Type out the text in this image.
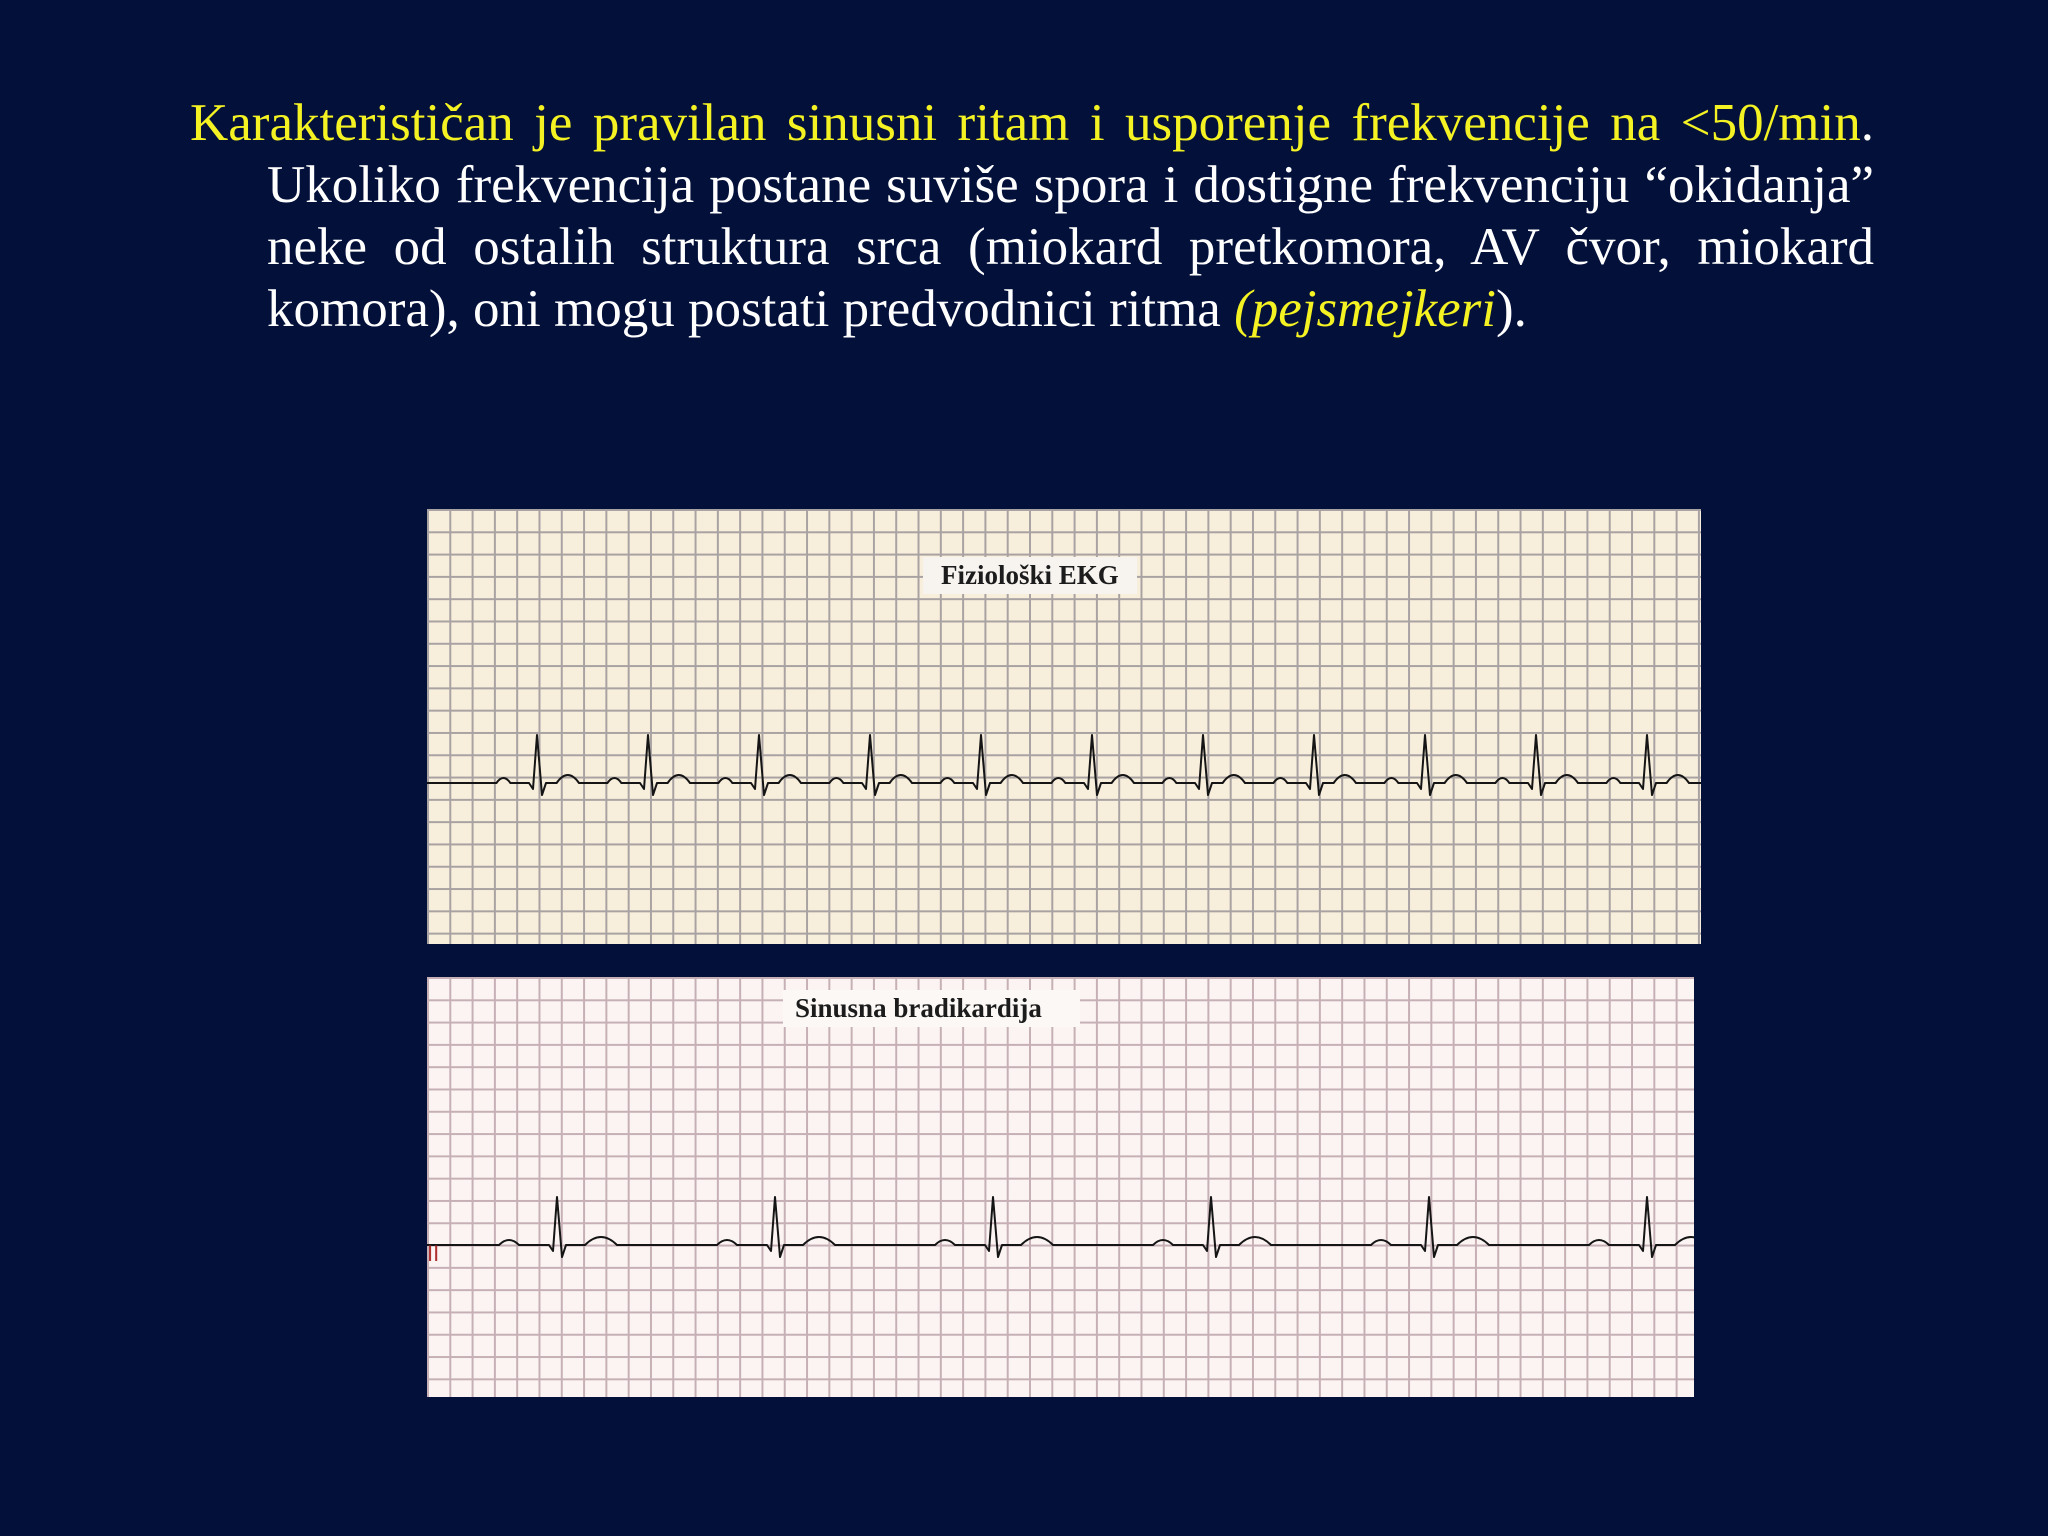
Karakterističan je pravilan sinusni ritam i usporenje frekvencije na <50/min. Ukoliko frekvencija postane suviše spora i dostigne frekvenciju “okidanja” neke od ostalih struktura srca (miokard pretkomora, AV čvor, miokard komora), oni mogu postati predvodnici ritma (pejsmejkeri).

Fiziološki EKG
Sinusna bradikardija
II
